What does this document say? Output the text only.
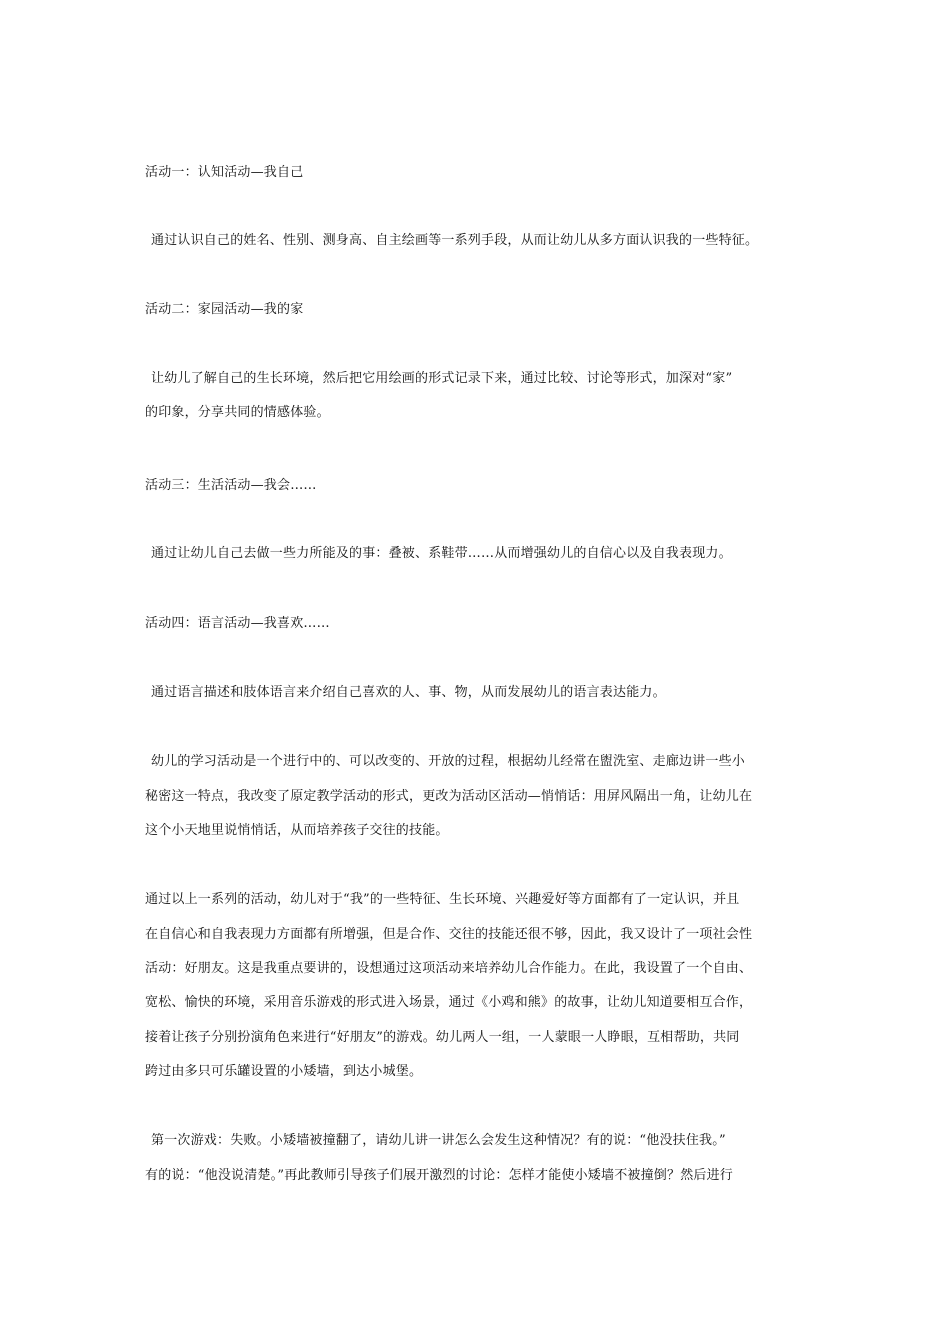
活动一：认知活动—我自己
通过认识自己的姓名、性别、测身高、自主绘画等一系列手段，从而让幼儿从多方面认识我的一些特征。
活动二：家园活动—我的家
让幼儿了解自己的生长环境，然后把它用绘画的形式记录下来，通过比较、讨论等形式，加深对“家”
的印象，分享共同的情感体验。
活动三：生活活动—我会……
通过让幼儿自己去做一些力所能及的事：叠被、系鞋带……从而增强幼儿的自信心以及自我表现力。
活动四：语言活动—我喜欢……
通过语言描述和肢体语言来介绍自己喜欢的人、事、物，从而发展幼儿的语言表达能力。
幼儿的学习活动是一个进行中的、可以改变的、开放的过程，根据幼儿经常在盥洗室、走廊边讲一些小
秘密这一特点，我改变了原定教学活动的形式，更改为活动区活动—悄悄话：用屏风隔出一角，让幼儿在
这个小天地里说悄悄话，从而培养孩子交往的技能。
通过以上一系列的活动，幼儿对于“我”的一些特征、生长环境、兴趣爱好等方面都有了一定认识，并且
在自信心和自我表现力方面都有所增强，但是合作、交往的技能还很不够，因此，我又设计了一项社会性
活动：好朋友。这是我重点要讲的，设想通过这项活动来培养幼儿合作能力。在此，我设置了一个自由、
宽松、愉快的环境，采用音乐游戏的形式进入场景，通过《小鸡和熊》的故事，让幼儿知道要相互合作，
接着让孩子分别扮演角色来进行“好朋友”的游戏。幼儿两人一组，一人蒙眼一人睁眼，互相帮助，共同
跨过由多只可乐罐设置的小矮墙，到达小城堡。
第一次游戏：失败。小矮墙被撞翻了，请幼儿讲一讲怎么会发生这种情况？有的说：“他没扶住我。”
有的说：“他没说清楚。”再此教师引导孩子们展开激烈的讨论：怎样才能使小矮墙不被撞倒？然后进行
